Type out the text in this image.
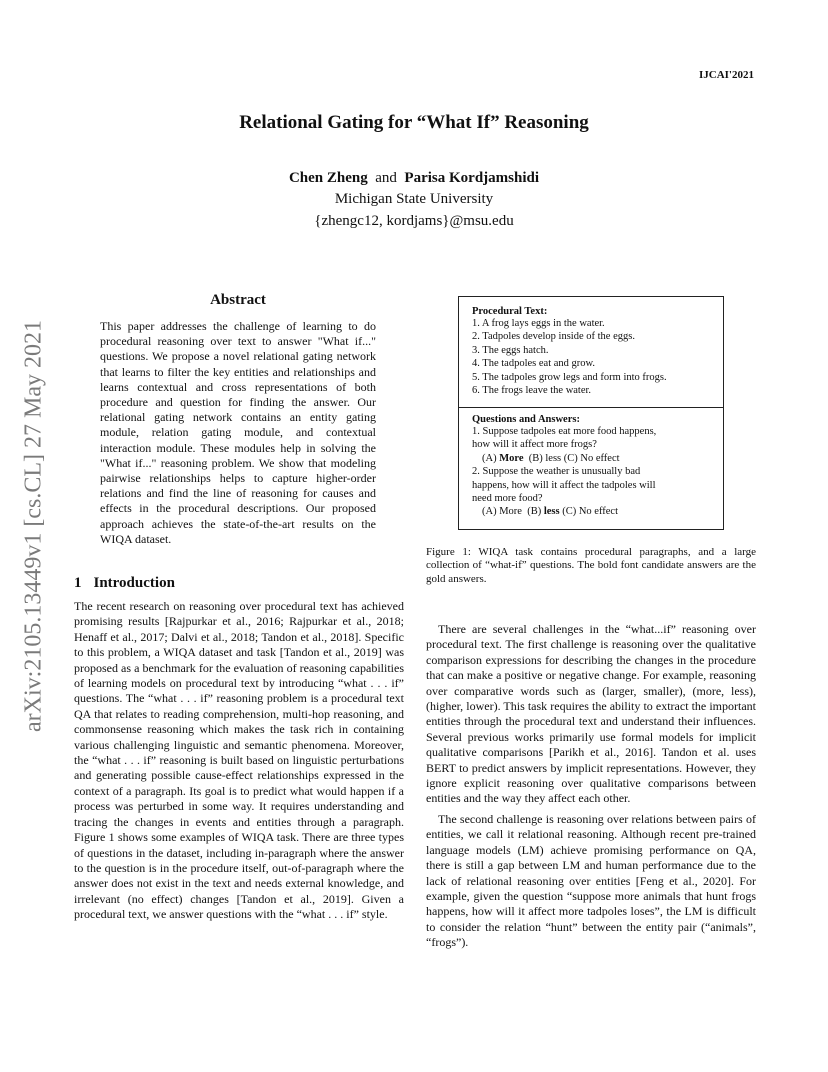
IJCAI'2021
arXiv:2105.13449v1 [cs.CL] 27 May 2021
Relational Gating for “What If” Reasoning
Chen Zheng and Parisa Kordjamshidi
Michigan State University
{zhengc12, kordjams}@msu.edu
Abstract
This paper addresses the challenge of learning to do procedural reasoning over text to answer "What if..." questions. We propose a novel relational gating network that learns to filter the key entities and relationships and learns contextual and cross representations of both procedure and question for finding the answer. Our relational gating network contains an entity gating module, relation gating module, and contextual interaction module. These modules help in solving the "What if..." reasoning problem. We show that modeling pairwise relationships helps to capture higher-order relations and find the line of reasoning for causes and effects in the procedural descriptions. Our proposed approach achieves the state-of-the-art results on the WIQA dataset.
1 Introduction
The recent research on reasoning over procedural text has achieved promising results [Rajpurkar et al., 2016; Rajpurkar et al., 2018; Henaff et al., 2017; Dalvi et al., 2018; Tandon et al., 2018]. Specific to this problem, a WIQA dataset and task [Tandon et al., 2019] was proposed as a benchmark for the evaluation of reasoning capabilities of learning models on procedural text by introducing “what . . . if” questions. The “what . . . if” reasoning problem is a procedural text QA that relates to reading comprehension, multi-hop reasoning, and commonsense reasoning which makes the task rich in containing various challenging linguistic and semantic phenomena. Moreover, the “what . . . if” reasoning is built based on linguistic perturbations and generating possible cause-effect relationships expressed in the context of a paragraph. Its goal is to predict what would happen if a process was perturbed in some way. It requires understanding and tracing the changes in events and entities through a paragraph. Figure 1 shows some examples of WIQA task. There are three types of questions in the dataset, including in-paragraph where the answer to the question is in the procedure itself, out-of-paragraph where the answer does not exist in the text and needs external knowledge, and irrelevant (no effect) changes [Tandon et al., 2019]. Given a procedural text, we answer questions with the “what . . . if” style.
Procedural Text:
1. A frog lays eggs in the water.
2. Tadpoles develop inside of the eggs.
3. The eggs hatch.
4. The tadpoles eat and grow.
5. The tadpoles grow legs and form into frogs.
6. The frogs leave the water.
Questions and Answers:
1. Suppose tadpoles eat more food happens,
how will it affect more frogs?
(A) More  (B) less (C) No effect
2. Suppose the weather is unusually bad
happens, how will it affect the tadpoles will
need more food?
(A) More  (B) less (C) No effect
Figure 1: WIQA task contains procedural paragraphs, and a large collection of “what-if” questions. The bold font candidate answers are the gold answers.

There are several challenges in the “what...if” reasoning over procedural text. The first challenge is reasoning over the qualitative comparison expressions for describing the changes in the procedure that can make a positive or negative change. For example, reasoning over comparative words such as (larger, smaller), (more, less), (higher, lower). This task requires the ability to extract the important entities through the procedural text and understand their influences. Several previous works primarily use formal models for implicit qualitative comparisons [Parikh et al., 2016]. Tandon et al. uses BERT to predict answers by implicit representations. However, they ignore explicit reasoning over qualitative comparisons between entities and the way they affect each other.

The second challenge is reasoning over relations between pairs of entities, we call it relational reasoning. Although recent pre-trained language models (LM) achieve promising performance on QA, there is still a gap between LM and human performance due to the lack of relational reasoning over entities [Feng et al., 2020]. For example, given the question “suppose more animals that hunt frogs happens, how will it affect more tadpoles loses”, the LM is difficult to consider the relation “hunt” between the entity pair (“animals”, “frogs”).
